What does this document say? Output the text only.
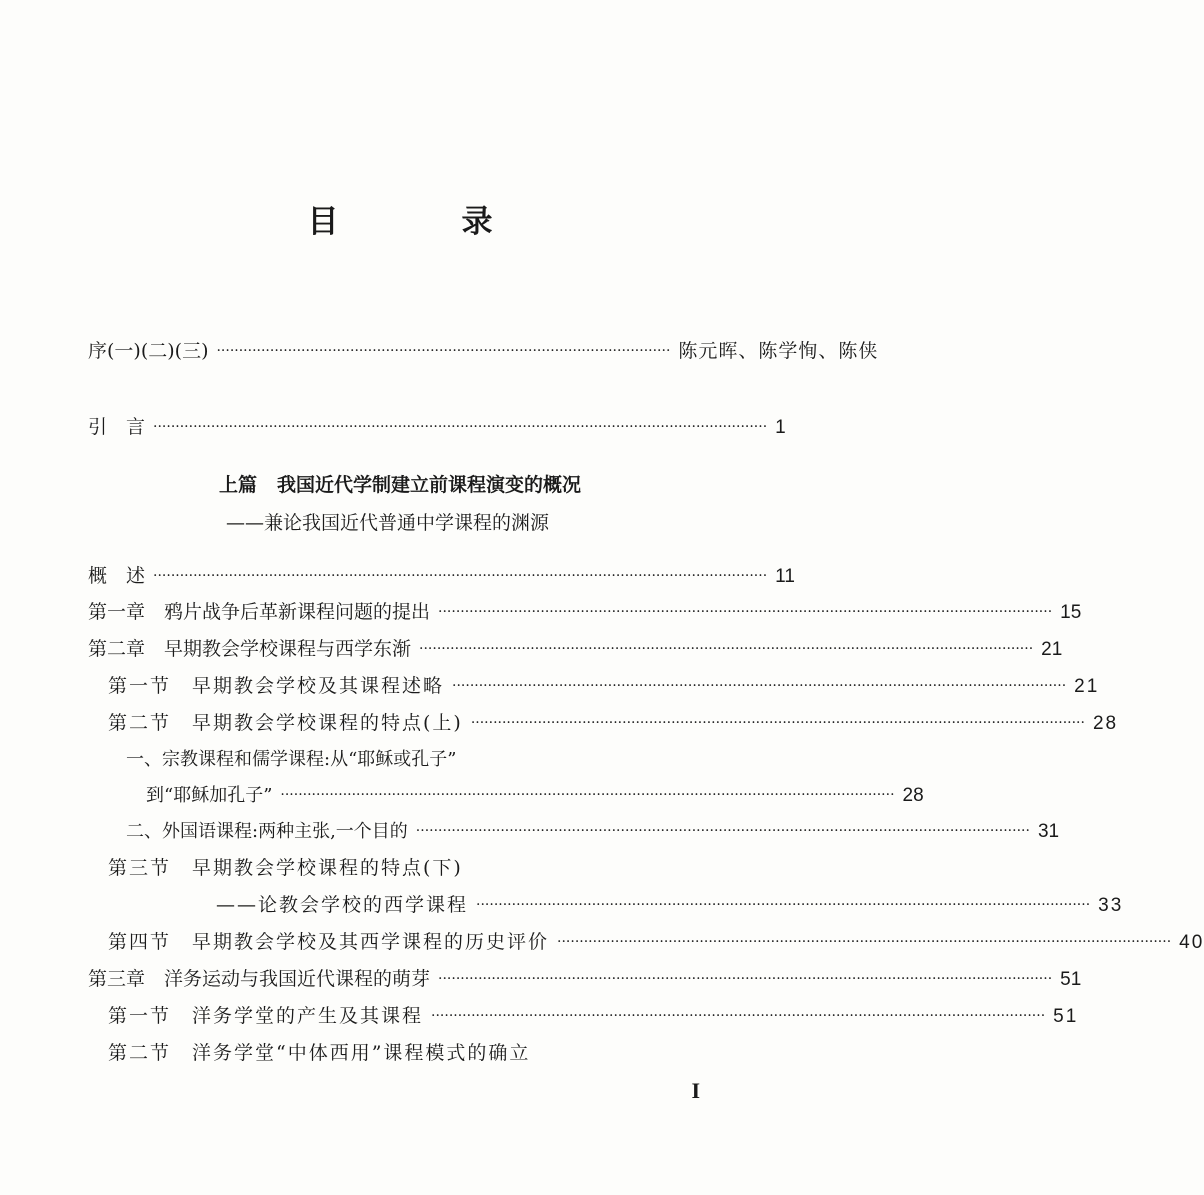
目　录
序(一)(二)(三) ······································································································ 陈元晖、陈学恂、陈侠
引　言 ·········································································································································· 1
上篇 我国近代学制建立前课程演变的概况
——兼论我国近代普通中学课程的渊源
概　述 ·········································································································································· 11
第一章　鸦片战争后革新课程问题的提出 ·········································································································································· 15
第二章　早期教会学校课程与西学东渐 ·········································································································································· 21
第一节　早期教会学校及其课程述略 ·········································································································································· 21
第二节　早期教会学校课程的特点(上) ·········································································································································· 28
一、宗教课程和儒学课程:从“耶稣或孔子”
到“耶稣加孔子” ·········································································································································· 28
二、外国语课程:两种主张,一个目的 ·········································································································································· 31
第三节　早期教会学校课程的特点(下)
——论教会学校的西学课程 ·········································································································································· 33
第四节　早期教会学校及其西学课程的历史评价 ·········································································································································· 40
第三章　洋务运动与我国近代课程的萌芽 ·········································································································································· 51
第一节　洋务学堂的产生及其课程 ·········································································································································· 51
第二节　洋务学堂“中体西用”课程模式的确立
I
